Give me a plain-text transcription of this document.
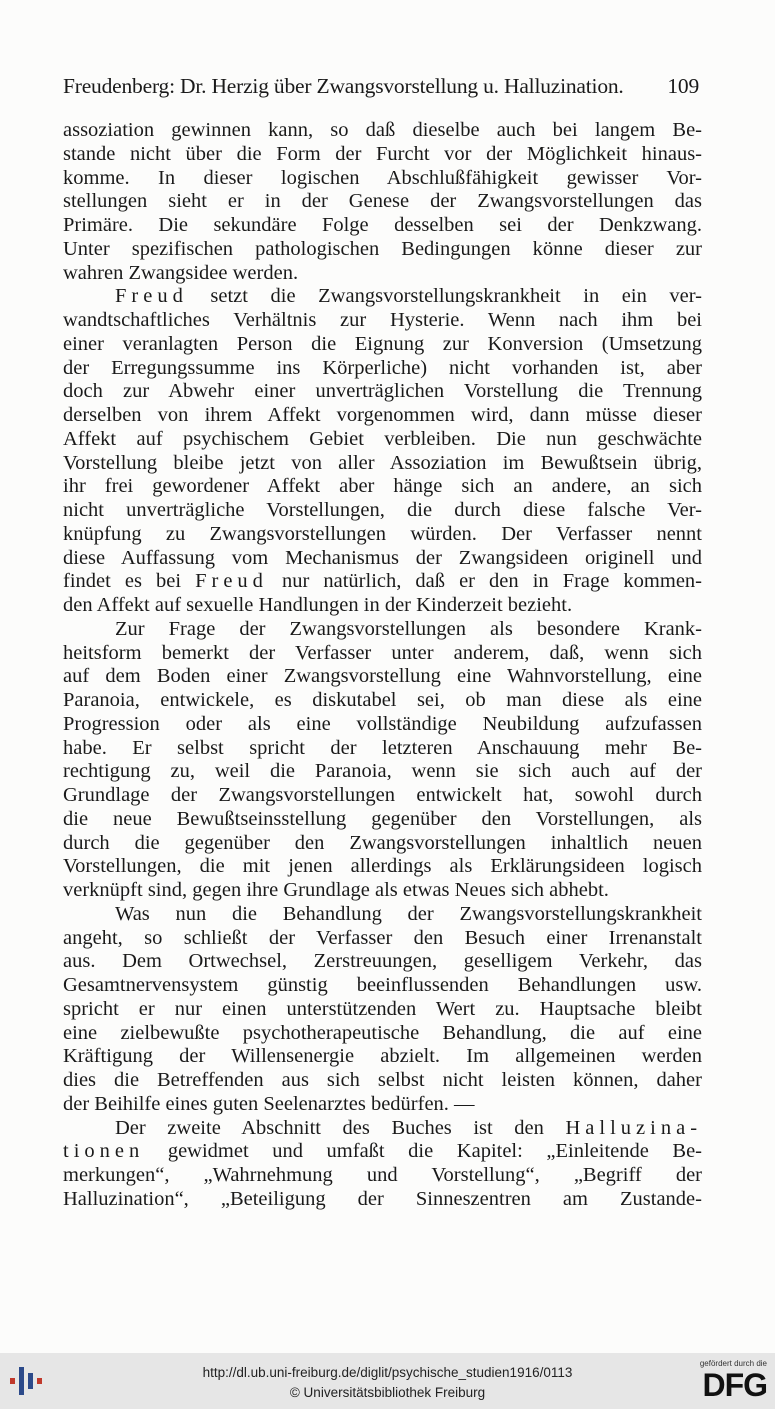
Freudenberg: Dr. Herzig über Zwangsvorstellung u. Halluzination. 109
assoziation gewinnen kann, so daß dieselbe auch bei langem Be-
stande nicht über die Form der Furcht vor der Möglichkeit hinaus-
komme. In dieser logischen Abschlußfähigkeit gewisser Vor-
stellungen sieht er in der Genese der Zwangsvorstellungen das
Primäre. Die sekundäre Folge desselben sei der Denkzwang.
Unter spezifischen pathologischen Bedingungen könne dieser zur
wahren Zwangsidee werden.
Freud setzt die Zwangsvorstellungskrankheit in ein ver-
wandtschaftliches Verhältnis zur Hysterie. Wenn nach ihm bei
einer veranlagten Person die Eignung zur Konversion (Umsetzung
der Erregungssumme ins Körperliche) nicht vorhanden ist, aber
doch zur Abwehr einer unverträglichen Vorstellung die Trennung
derselben von ihrem Affekt vorgenommen wird, dann müsse dieser
Affekt auf psychischem Gebiet verbleiben. Die nun geschwächte
Vorstellung bleibe jetzt von aller Assoziation im Bewußtsein übrig,
ihr frei gewordener Affekt aber hänge sich an andere, an sich
nicht unverträgliche Vorstellungen, die durch diese falsche Ver-
knüpfung zu Zwangsvorstellungen würden. Der Verfasser nennt
diese Auffassung vom Mechanismus der Zwangsideen originell und
findet es bei Freud nur natürlich, daß er den in Frage kommen-
den Affekt auf sexuelle Handlungen in der Kinderzeit bezieht.
Zur Frage der Zwangsvorstellungen als besondere Krank-
heitsform bemerkt der Verfasser unter anderem, daß, wenn sich
auf dem Boden einer Zwangsvorstellung eine Wahnvorstellung, eine
Paranoia, entwickele, es diskutabel sei, ob man diese als eine
Progression oder als eine vollständige Neubildung aufzufassen
habe. Er selbst spricht der letzteren Anschauung mehr Be-
rechtigung zu, weil die Paranoia, wenn sie sich auch auf der
Grundlage der Zwangsvorstellungen entwickelt hat, sowohl durch
die neue Bewußtseinsstellung gegenüber den Vorstellungen, als
durch die gegenüber den Zwangsvorstellungen inhaltlich neuen
Vorstellungen, die mit jenen allerdings als Erklärungsideen logisch
verknüpft sind, gegen ihre Grundlage als etwas Neues sich abhebt.
Was nun die Behandlung der Zwangsvorstellungskrankheit
angeht, so schließt der Verfasser den Besuch einer Irrenanstalt
aus. Dem Ortwechsel, Zerstreuungen, geselligem Verkehr, das
Gesamtnervensystem günstig beeinflussenden Behandlungen usw.
spricht er nur einen unterstützenden Wert zu. Hauptsache bleibt
eine zielbewußte psychotherapeutische Behandlung, die auf eine
Kräftigung der Willensenergie abzielt. Im allgemeinen werden
dies die Betreffenden aus sich selbst nicht leisten können, daher
der Beihilfe eines guten Seelenarztes bedürfen. —
Der zweite Abschnitt des Buches ist den Halluzina-
tionen gewidmet und umfaßt die Kapitel: „Einleitende Be-
merkungen“, „Wahrnehmung und Vorstellung“, „Begriff der
Halluzination“, „Beteiligung der Sinneszentren am Zustande-
http://dl.ub.uni-freiburg.de/diglit/psychische_studien1916/0113
© Universitätsbibliothek Freiburg
gefördert durch die
DFG
